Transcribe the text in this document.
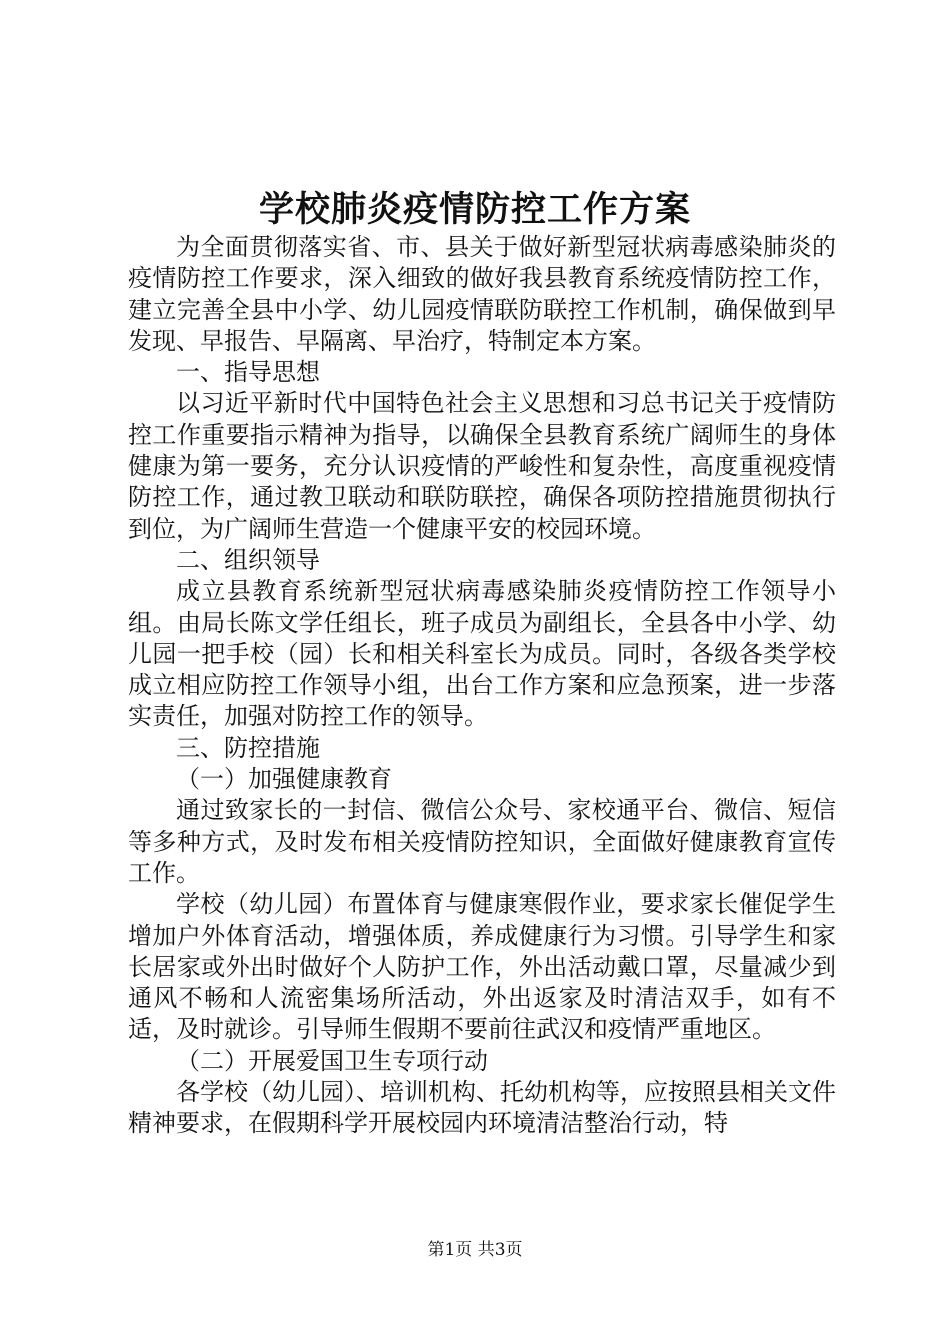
学校肺炎疫情防控工作方案

为全面贯彻落实省、市、县关于做好新型冠状病毒感染肺炎的疫情防控工作要求，深入细致的做好我县教育系统疫情防控工作，建立完善全县中小学、幼儿园疫情联防联控工作机制，确保做到早发现、早报告、早隔离、早治疗，特制定本方案。

一、指导思想

以习近平新时代中国特色社会主义思想和习总书记关于疫情防控工作重要指示精神为指导，以确保全县教育系统广阔师生的身体健康为第一要务，充分认识疫情的严峻性和复杂性，高度重视疫情防控工作，通过教卫联动和联防联控，确保各项防控措施贯彻执行到位，为广阔师生营造一个健康平安的校园环境。

二、组织领导

成立县教育系统新型冠状病毒感染肺炎疫情防控工作领导小组。由局长陈文学任组长，班子成员为副组长，全县各中小学、幼儿园一把手校（园）长和相关科室长为成员。同时，各级各类学校成立相应防控工作领导小组，出台工作方案和应急预案，进一步落实责任，加强对防控工作的领导。

三、防控措施

（一）加强健康教育

通过致家长的一封信、微信公众号、家校通平台、微信、短信等多种方式，及时发布相关疫情防控知识，全面做好健康教育宣传工作。

学校（幼儿园）布置体育与健康寒假作业，要求家长催促学生增加户外体育活动，增强体质，养成健康行为习惯。引导学生和家长居家或外出时做好个人防护工作，外出活动戴口罩，尽量减少到通风不畅和人流密集场所活动，外出返家及时清洁双手，如有不适，及时就诊。引导师生假期不要前往武汉和疫情严重地区。

（二）开展爱国卫生专项行动

各学校（幼儿园）、培训机构、托幼机构等，应按照县相关文件精神要求，在假期科学开展校园内环境清洁整治行动，特

第1页 共3页
